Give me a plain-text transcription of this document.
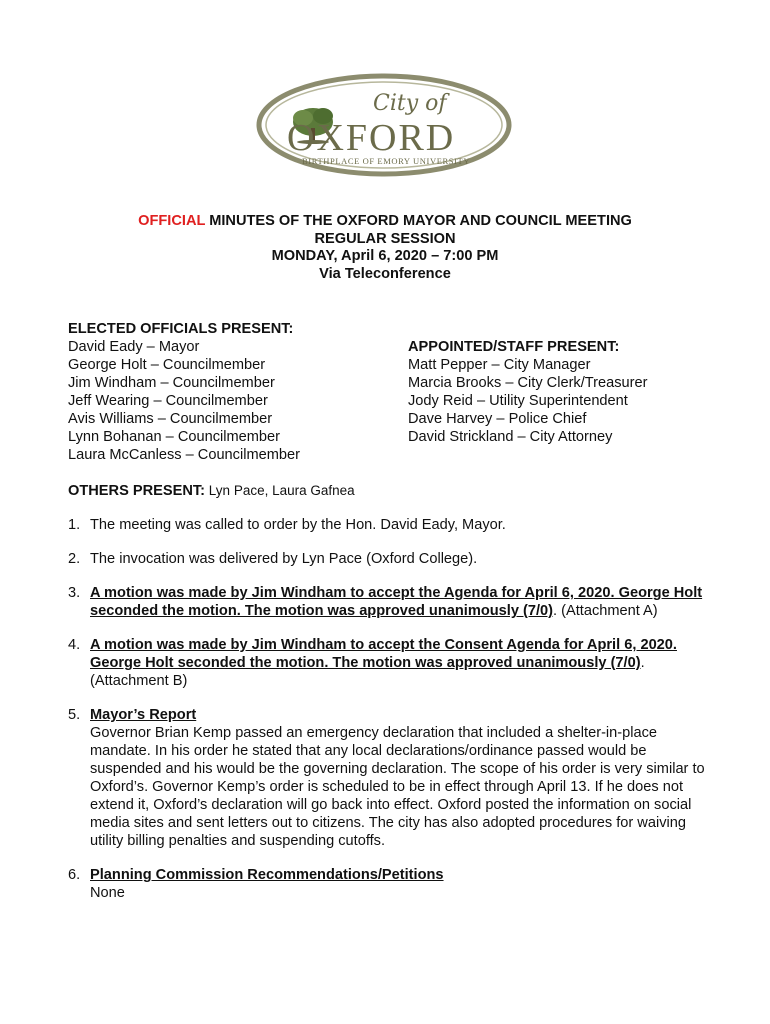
City of
OXFORD
BIRTHPLACE OF EMORY UNIVERSITY
OFFICIAL MINUTES OF THE OXFORD MAYOR AND COUNCIL MEETING
REGULAR SESSION
MONDAY, April 6, 2020 – 7:00 PM
Via Teleconference
ELECTED OFFICIALS PRESENT:
David Eady – Mayor
George Holt – Councilmember
Jim Windham – Councilmember
Jeff Wearing – Councilmember
Avis Williams – Councilmember
Lynn Bohanan – Councilmember
Laura McCanless – Councilmember
APPOINTED/STAFF PRESENT:
Matt Pepper – City Manager
Marcia Brooks – City Clerk/Treasurer
Jody Reid – Utility Superintendent
Dave Harvey – Police Chief
David Strickland – City Attorney
OTHERS PRESENT: Lyn Pace, Laura Gafnea
1. The meeting was called to order by the Hon. David Eady, Mayor.
2. The invocation was delivered by Lyn Pace (Oxford College).
3. A motion was made by Jim Windham to accept the Agenda for April 6, 2020. George Holt seconded the motion. The motion was approved unanimously (7/0). (Attachment A)
4. A motion was made by Jim Windham to accept the Consent Agenda for April 6, 2020. George Holt seconded the motion. The motion was approved unanimously (7/0). (Attachment B)
5. Mayor’s Report
Governor Brian Kemp passed an emergency declaration that included a shelter-in-place mandate. In his order he stated that any local declarations/ordinance passed would be suspended and his would be the governing declaration. The scope of his order is very similar to Oxford’s. Governor Kemp’s order is scheduled to be in effect through April 13. If he does not extend it, Oxford’s declaration will go back into effect. Oxford posted the information on social media sites and sent letters out to citizens. The city has also adopted procedures for waiving utility billing penalties and suspending cutoffs.
6. Planning Commission Recommendations/Petitions
None
